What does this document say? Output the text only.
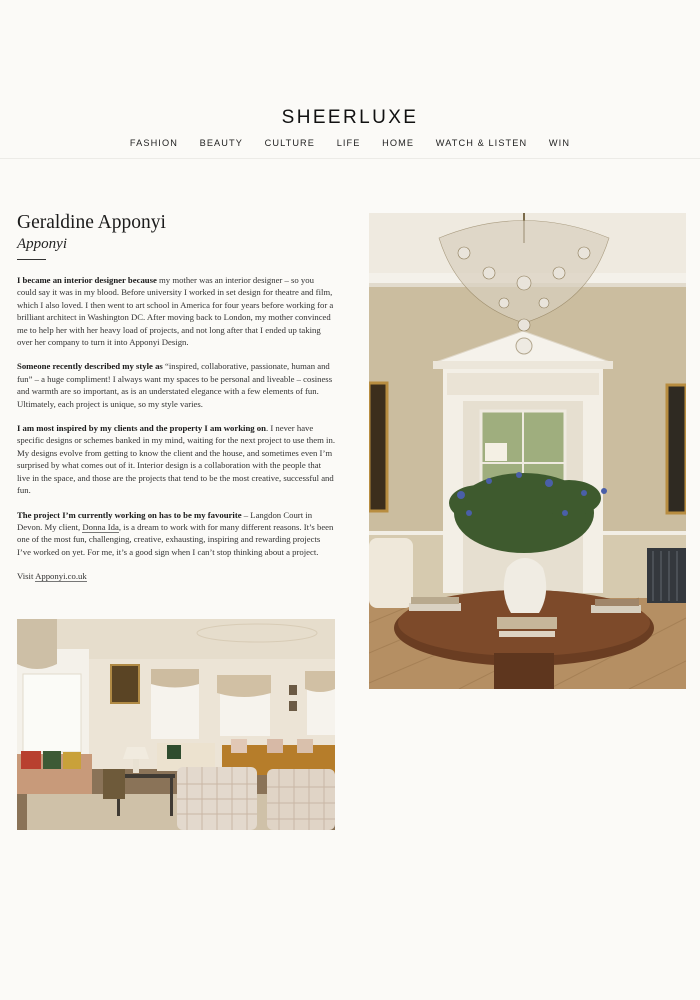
SHEERLUXE
FASHION BEAUTY CULTURE LIFE HOME WATCH & LISTEN WIN
Geraldine Apponyi
Apponyi

I became an interior designer because my mother was an interior designer – so you could say it was in my blood. Before university I worked in set design for theatre and film, which I also loved. I then went to art school in America for four years before working for a brilliant architect in Washington DC. After moving back to London, my mother convinced me to help her with her heavy load of projects, and not long after that I ended up taking over her company to turn it into Apponyi Design.

Someone recently described my style as “inspired, collaborative, passionate, human and fun” – a huge compliment! I always want my spaces to be personal and liveable – cosiness and warmth are so important, as is an understated elegance with a few elements of fun. Ultimately, each project is unique, so my style varies.

I am most inspired by my clients and the property I am working on. I never have specific designs or schemes banked in my mind, waiting for the next project to use them in. My designs evolve from getting to know the client and the house, and sometimes even I’m surprised by what comes out of it. Interior design is a collaboration with the people that live in the space, and those are the projects that tend to be the most creative, successful and fun.

The project I’m currently working on has to be my favourite – Langdon Court in Devon. My client, Donna Ida, is a dream to work with for many different reasons. It’s been one of the most fun, challenging, creative, exhausting, inspiring and rewarding projects I’ve worked on yet. For me, it’s a good sign when I can’t stop thinking about a project.

Visit Apponyi.co.uk
